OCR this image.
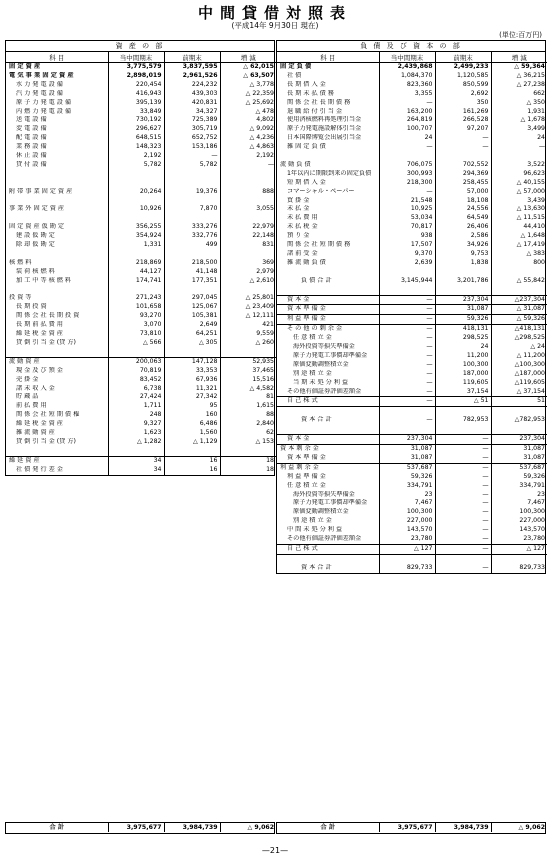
中間貸借対照表
(平成14年 9月30日 現在)
(単位:百万円)
資 産 の 部
科 目	当中間期末	前期末	増 減
固 定 資 産	3,775,579	3,837,595	△ 62,015
電 気 事 業 固 定 資 産	2,898,019	2,961,526	△ 63,507
水 力 発 電 設 備	220,454	224,232	△ 3,778
汽 力 発 電 設 備	416,943	439,303	△ 22,359
原 子 力 発 電 設 備	395,139	420,831	△ 25,692
内 燃 力 発 電 設 備	33,849	34,327	△ 478
送 電 設 備	730,192	725,389	4,802
変 電 設 備	296,627	305,719	△ 9,092
配 電 設 備	648,515	652,752	△ 4,236
業 務 設 備	148,323	153,186	△ 4,863
休 止 設 備	2,192	—	2,192
貸 付 設 備	5,782	5,782	—

附 帯 事 業 固 定 資 産	20,264	19,376	888

事 業 外 固 定 資 産	10,926	7,870	3,055

固 定 資 産 仮 勘 定	356,255	333,276	22,979
建 設 仮 勘 定	354,924	332,776	22,148
除 却 仮 勘 定	1,331	499	831

核 燃 料	218,869	218,500	369
装 荷 核 燃 料	44,127	41,148	2,979
加 工 中 等 核 燃 料	174,741	177,351	△ 2,610

投 資 等	271,243	297,045	△ 25,801
長 期 投 資	101,658	125,067	△ 23,409
関 係 会 社 長 期 投 資	93,270	105,381	△ 12,111
長 期 前 払 費 用	3,070	2,649	421
繰 延 税 金 資 産	73,810	64,251	9,559
貸 倒 引 当 金 (貸 方)	△ 566	△ 305	△ 260

流 動 資 産	200,063	147,128	52,935
現 金 及 び 預 金	70,819	33,353	37,465
売 掛 金	83,452	67,936	15,516
諸 未 収 入 金	6,738	11,321	△ 4,582
貯 蔵 品	27,424	27,342	81
前 払 費 用	1,711	95	1,615
関 係 会 社 短 期 債 権	248	160	88
繰 延 税 金 資 産	9,327	6,486	2,840
雑 流 動 資 産	1,623	1,560	62
貸 倒 引 当 金 (貸 方)	△ 1,282	△ 1,129	△ 153

繰 延 資 産	34	16	18
社 債 発 行 差 金	34	16	18
負 債 及 び 資 本 の 部
科 目	当中間期末	前期末	増 減
固 定 負 債	2,439,868	2,499,233	△ 59,364
社 債	1,084,370	1,120,585	△ 36,215
長 期 借 入 金	823,360	850,599	△ 27,238
長 期 未 払 債 務	3,355	2,692	662
関 係 会 社 長 期 債 務	—	350	△ 350
退 職 給 付 引 当 金	163,200	161,269	1,931
使用済核燃料再処理引当金	264,819	266,528	△ 1,678
原子力発電施設解体引当金	100,707	97,207	3,499
日本国際博覧会出展引当金	24	—	24
雑 固 定 負 債	—	—	—

流 動 負 債	706,075	702,552	3,522
1年以内に期限到来の固定負債	300,993	294,369	96,623
短 期 借 入 金	218,300	258,455	△ 40,155
コマーシャル・ペーパー	—	57,000	△ 57,000
買 掛 金	21,548	18,108	3,439
未 払 金	10,925	24,556	△ 13,630
未 払 費 用	53,034	64,549	△ 11,515
未 払 税 金	70,817	26,406	44,410
預 り 金	938	2,586	△ 1,648
関 係 会 社 短 期 債 務	17,507	34,926	△ 17,419
諸 前 受 金	9,370	9,753	△ 383
雑 流 動 負 債	2,639	1,838	800

負 債 合 計	3,145,944	3,201,786	△ 55,842

資 本 金	—	237,304	△237,304
資 本 準 備 金	—	31,087	△ 31,087
利 益 準 備 金	—	59,326	△ 59,326
そ の 他 の 剰 余 金	—	418,131	△418,131
任 意 積 立 金	—	298,525	△298,525
海外投資等損失準備金	—	24	△ 24
原子力発電工事償却準備金	—	11,200	△ 11,200
原価変動調整積立金	—	100,300	△100,300
別 途 積 立 金	—	187,000	△187,000
当 期 未 処 分 利 益	—	119,605	△119,605
その他有価証券評価差額金	—	37,154	△ 37,154
自 己 株 式	—	△ 51	51

資 本 合 計	—	782,953	△782,953

資 本 金	237,304	—	237,304
資 本 剰 余 金	31,087	—	31,087
資 本 準 備 金	31,087	—	31,087
利 益 剰 余 金	537,687	—	537,687
利 益 準 備 金	59,326	—	59,326
任 意 積 立 金	334,791	—	334,791
海外投資等損失準備金	23	—	23
原子力発電工事償却準備金	7,467	—	7,467
原価変動調整積立金	100,300	—	100,300
別 途 積 立 金	227,000	—	227,000
中 間 未 処 分 利 益	143,570	—	143,570
その他有価証券評価差額金	23,780	—	23,780
自 己 株 式	△ 127	—	△ 127

資 本 合 計	829,733	—	829,733
合 計	3,975,677	3,984,739	△ 9,062	合 計	3,975,677	3,984,739	△ 9,062
—21—
